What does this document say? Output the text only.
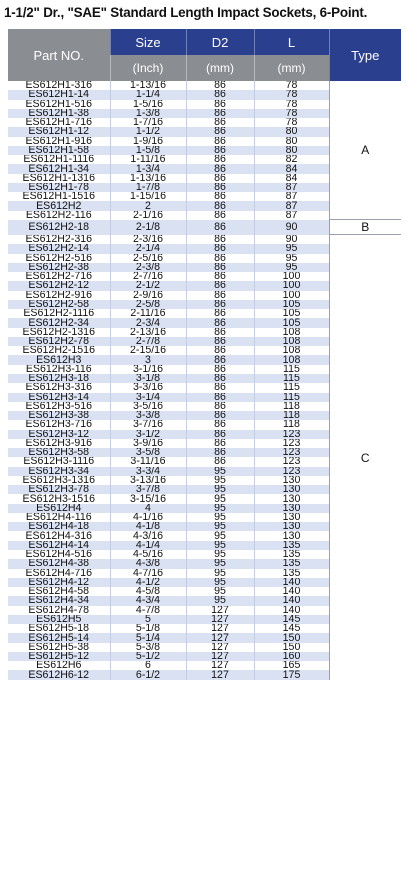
1-1/2" Dr., "SAE" Standard Length Impact Sockets, 6-Point.
Part NO.	Size	D2	L	Type
	(Inch)	(mm)	(mm)	
ES612H1-316	1-13/16	86	78	A
ES612H1-14	1-1/4	86	78	
ES612H1-516	1-5/16	86	78	
ES612H1-38	1-3/8	86	78	
ES612H1-716	1-7/16	86	78	
ES612H1-12	1-1/2	86	80	
ES612H1-916	1-9/16	86	80	
ES612H1-58	1-5/8	86	80	
ES612H1-1116	1-11/16	86	82	
ES612H1-34	1-3/4	86	84	
ES612H1-1316	1-13/16	86	84	
ES612H1-78	1-7/8	86	87	
ES612H1-1516	1-15/16	86	87	
ES612H2	2	86	87	
ES612H2-116	2-1/16	86	87	
ES612H2-18	2-1/8	86	90	B
ES612H2-316	2-3/16	86	90	C
ES612H2-14	2-1/4	86	95	
ES612H2-516	2-5/16	86	95	
ES612H2-38	2-3/8	86	95	
ES612H2-716	2-7/16	86	100	
ES612H2-12	2-1/2	86	100	
ES612H2-916	2-9/16	86	100	
ES612H2-58	2-5/8	86	105	
ES612H2-1116	2-11/16	86	105	
ES612H2-34	2-3/4	86	105	
ES612H2-1316	2-13/16	86	108	
ES612H2-78	2-7/8	86	108	
ES612H2-1516	2-15/16	86	108	
ES612H3	3	86	108	
ES612H3-116	3-1/16	86	115	
ES612H3-18	3-1/8	86	115	
ES612H3-316	3-3/16	86	115	
ES612H3-14	3-1/4	86	115	
ES612H3-516	3-5/16	86	118	
ES612H3-38	3-3/8	86	118	
ES612H3-716	3-7/16	86	118	
ES612H3-12	3-1/2	86	123	
ES612H3-916	3-9/16	86	123	
ES612H3-58	3-5/8	86	123	
ES612H3-1116	3-11/16	86	123	
ES612H3-34	3-3/4	95	123	
ES612H3-1316	3-13/16	95	130	
ES612H3-78	3-7/8	95	130	
ES612H3-1516	3-15/16	95	130	
ES612H4	4	95	130	
ES612H4-116	4-1/16	95	130	
ES612H4-18	4-1/8	95	130	
ES612H4-316	4-3/16	95	130	
ES612H4-14	4-1/4	95	135	
ES612H4-516	4-5/16	95	135	
ES612H4-38	4-3/8	95	135	
ES612H4-716	4-7/16	95	135	
ES612H4-12	4-1/2	95	140	
ES612H4-58	4-5/8	95	140	
ES612H4-34	4-3/4	95	140	
ES612H4-78	4-7/8	127	140	
ES612H5	5	127	145	
ES612H5-18	5-1/8	127	145	
ES612H5-14	5-1/4	127	150	
ES612H5-38	5-3/8	127	150	
ES612H5-12	5-1/2	127	160	
ES612H6	6	127	165	
ES612H6-12	6-1/2	127	175	
